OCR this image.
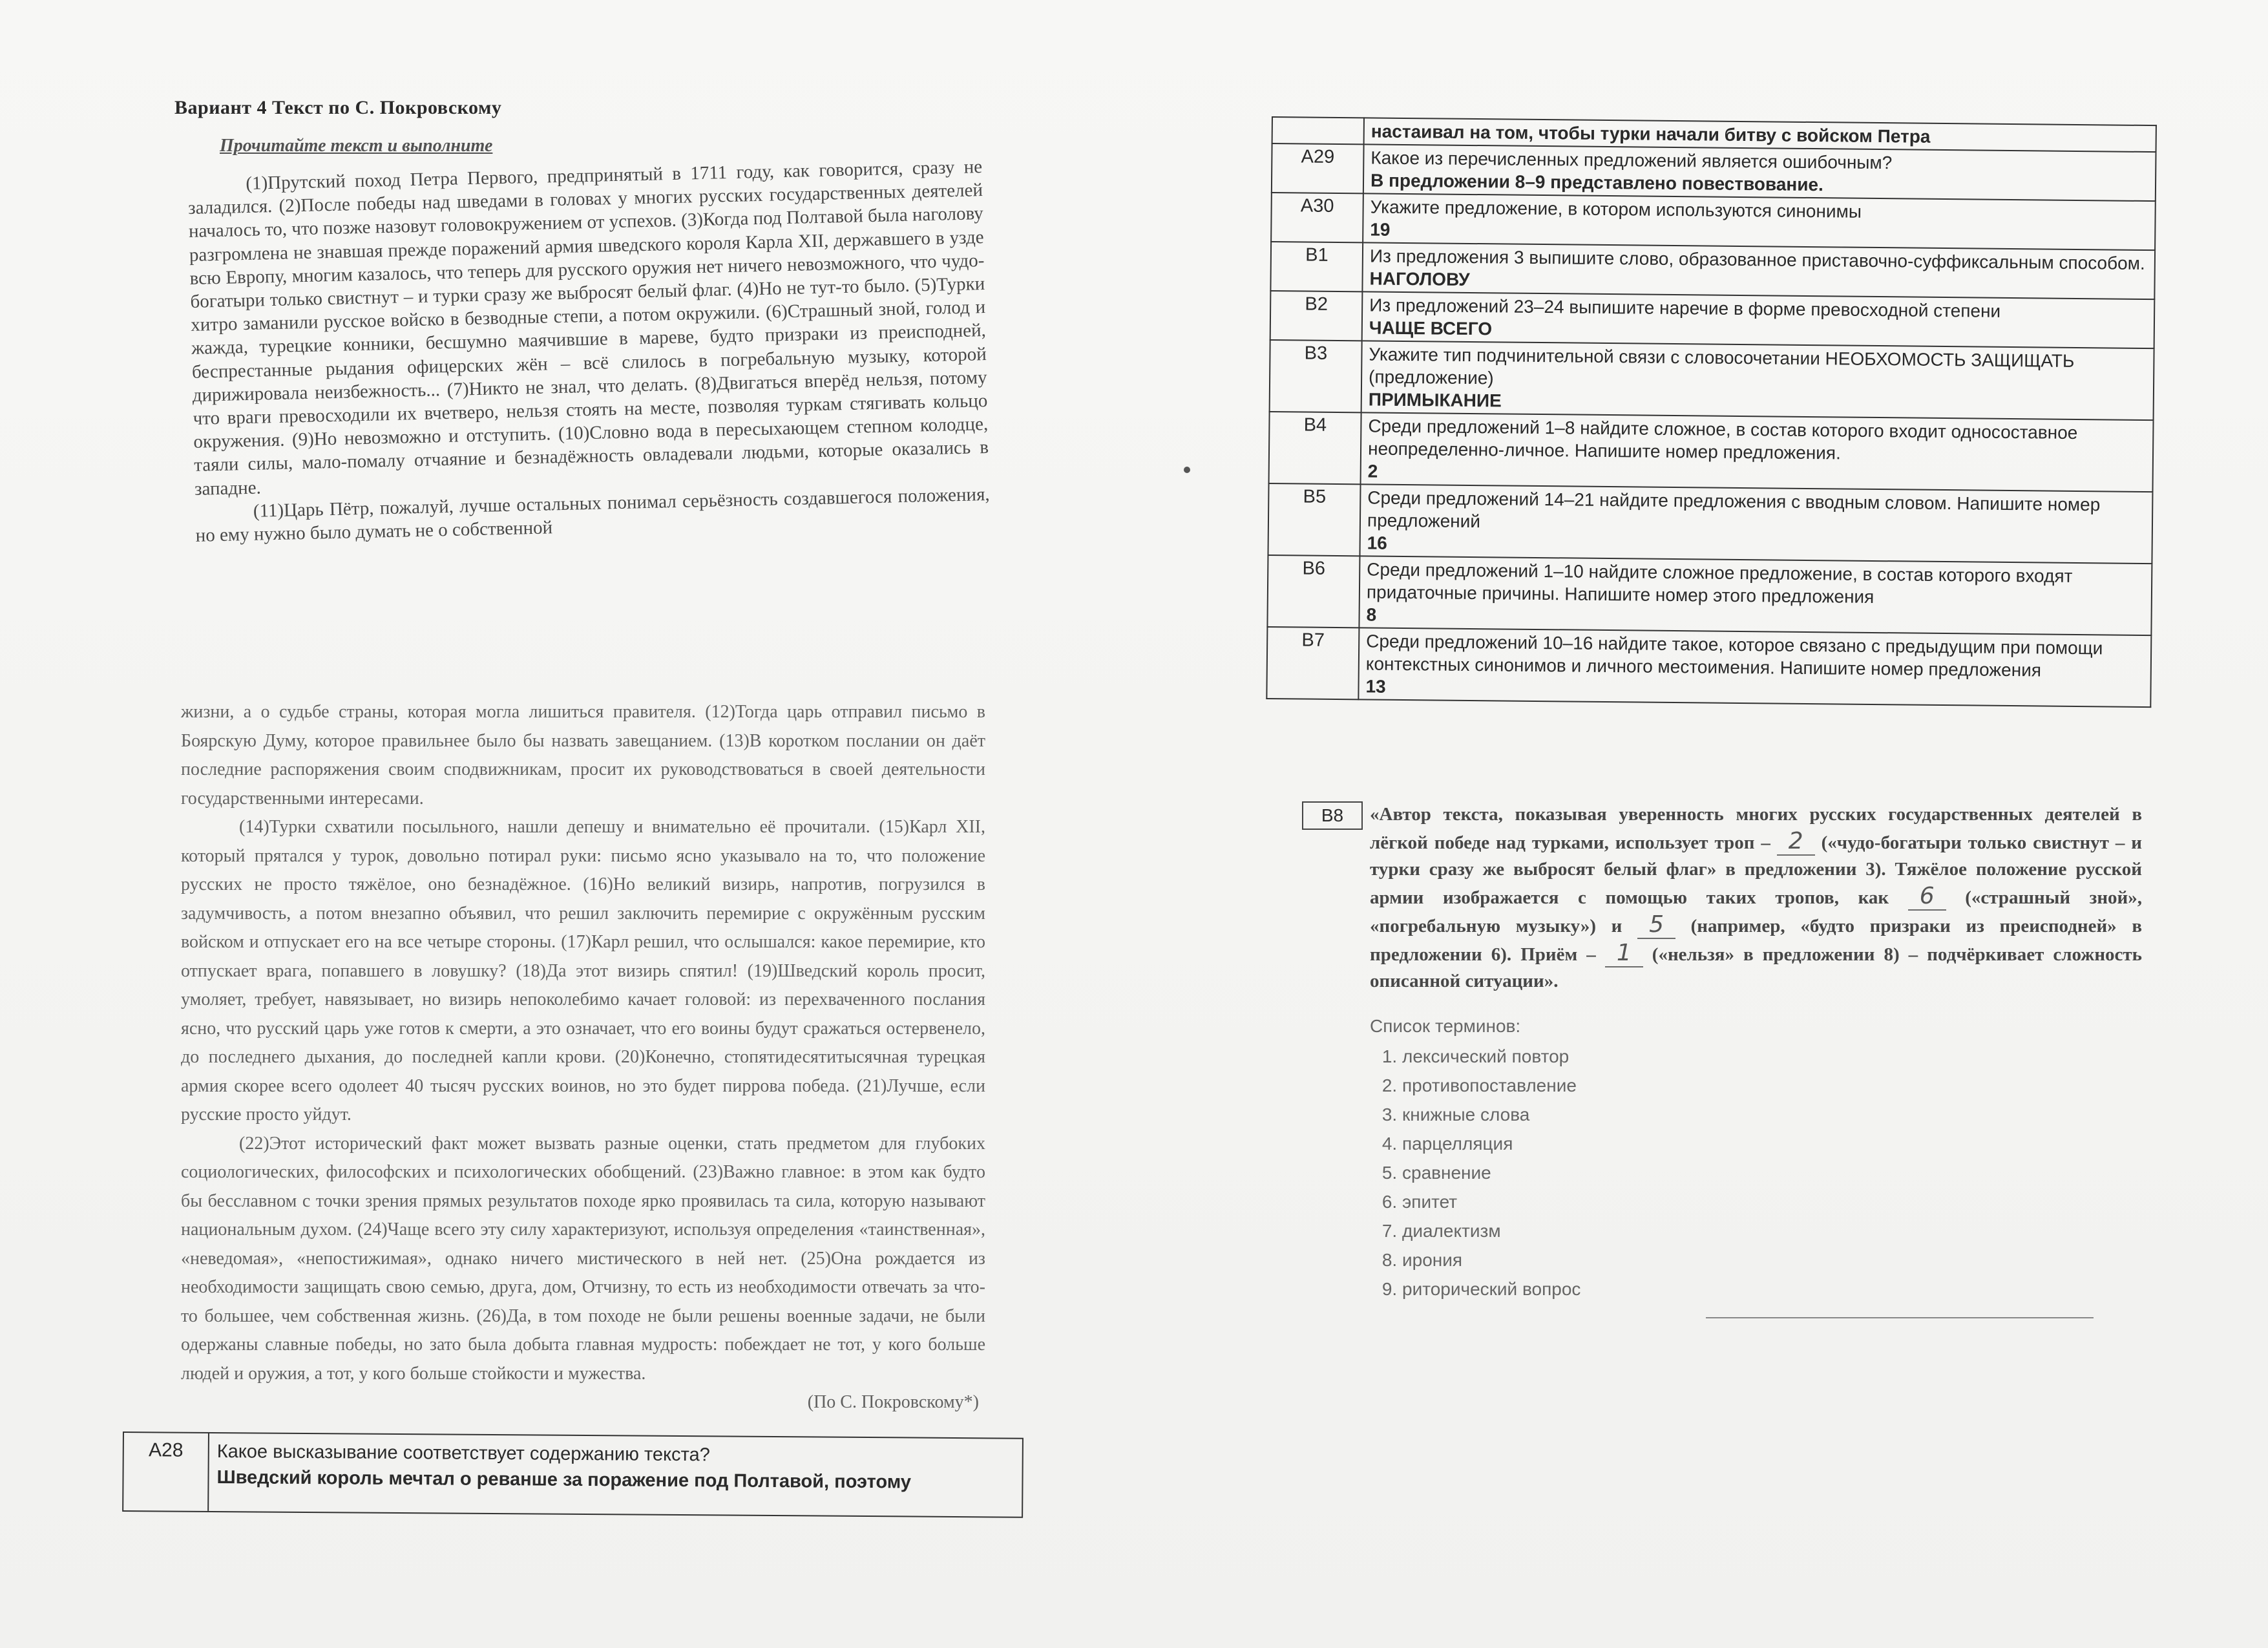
Вариант 4 Текст по С. Покровскому
Прочитайте текст и выполните

(1)Прутский поход Петра Первого, предпринятый в 1711 году, как говорится, сразу не заладился. (2)После победы над шведами в головах у многих русских государственных деятелей началось то, что позже назовут головокружением от успехов. (3)Когда под Полтавой была наголову разгромлена не знавшая прежде поражений армия шведского короля Карла XII, державшего в узде всю Европу, многим казалось, что теперь для русского оружия нет ничего невозможного, что чудо-богатыри только свистнут – и турки сразу же выбросят белый флаг. (4)Но не тут-то было. (5)Турки хитро заманили русское войско в безводные степи, а потом окружили. (6)Страшный зной, голод и жажда, турецкие конники, бесшумно маячившие в мареве, будто призраки из преисподней, беспрестанные рыдания офицерских жён – всё слилось в погребальную музыку, которой дирижировала неизбежность... (7)Никто не знал, что делать. (8)Двигаться вперёд нельзя, потому что враги превосходили их вчетверо, нельзя стоять на месте, позволяя туркам стягивать кольцо окружения. (9)Но невозможно и отступить. (10)Словно вода в пересыхающем степном колодце, таяли силы, мало-помалу отчаяние и безнадёжность овладевали людьми, которые оказались в западне.

(11)Царь Пётр, пожалуй, лучше остальных понимал серьёзность создавшегося положения, но ему нужно было думать не о собственной

жизни, а о судьбе страны, которая могла лишиться правителя. (12)Тогда царь отправил письмо в Боярскую Думу, которое правильнее было бы назвать завещанием. (13)В коротком послании он даёт последние распоряжения своим сподвижникам, просит их руководствоваться в своей деятельности государственными интересами.

(14)Турки схватили посыльного, нашли депешу и внимательно её прочитали. (15)Карл XII, который прятался у турок, довольно потирал руки: письмо ясно указывало на то, что положение русских не просто тяжёлое, оно безнадёжное. (16)Но великий визирь, напротив, погрузился в задумчивость, а потом внезапно объявил, что решил заключить перемирие с окружённым русским войском и отпускает его на все четыре стороны. (17)Карл решил, что ослышался: какое перемирие, кто отпускает врага, попавшего в ловушку? (18)Да этот визирь спятил! (19)Шведский король просит, умоляет, требует, навязывает, но визирь непоколебимо качает головой: из перехваченного послания ясно, что русский царь уже готов к смерти, а это означает, что его воины будут сражаться остервенело, до последнего дыхания, до последней капли крови. (20)Конечно, стопятидесятитысячная турецкая армия скорее всего одолеет 40 тысяч русских воинов, но это будет пиррова победа. (21)Лучше, если русские просто уйдут.

(22)Этот исторический факт может вызвать разные оценки, стать предметом для глубоких социологических, философских и психологических обобщений. (23)Важно главное: в этом как будто бы бесславном с точки зрения прямых результатов походе ярко проявилась та сила, которую называют национальным духом. (24)Чаще всего эту силу характеризуют, используя определения «таинственная», «неведомая», «непостижимая», однако ничего мистического в ней нет. (25)Она рождается из необходимости защищать свою семью, друга, дом, Отчизну, то есть из необходимости отвечать за что-то большее, чем собственная жизнь. (26)Да, в том походе не были решены военные задачи, не были одержаны славные победы, но зато была добыта главная мудрость: побеждает не тот, у кого больше людей и оружия, а тот, у кого больше стойкости и мужества.

(По С. Покровскому*)

A28	Какое высказывание соответствует содержанию текста?
Шведский король мечтал о реванше за поражение под Полтавой, поэтому
	настаивал на том, чтобы турки начали битву с войском Петра
A29	Какое из перечисленных предложений является ошибочным?
В предложении 8–9 представлено повествование.

A30	Укажите предложение, в котором используются синонимы
19

B1	Из предложения 3 выпишите слово, образованное приставочно-суффиксальным способом.
НАГОЛОВУ

B2	Из предложений 23–24 выпишите наречие в форме превосходной степени
ЧАЩЕ ВСЕГО

B3	Укажите тип подчинительной связи с словосочетании НЕОБХОМОСТЬ ЗАЩИЩАТЬ (предложение)
ПРИМЫКАНИЕ

B4	Среди предложений 1–8 найдите сложное, в состав которого входит односоставное неопределенно-личное. Напишите номер предложения.
2

B5	Среди предложений 14–21 найдите предложения с вводным словом. Напишите номер предложений
16

B6	Среди предложений 1–10 найдите сложное предложение, в состав которого входят придаточные причины. Напишите номер этого предложения
8

B7	Среди предложений 10–16 найдите такое, которое связано с предыдущим при помощи контекстных синонимов и личного местоимения. Напишите номер предложения
13
B8	«Автор текста, показывая уверенность многих русских государственных деятелей в лёгкой победе над турками, использует троп – 2 («чудо-богатыри только свистнут – и турки сразу же выбросят белый флаг» в предложении 3). Тяжёлое положение русской армии изображается с помощью таких тропов, как 6 («страшный зной», «погребальную музыку») и 5 (например, «будто призраки из преисподней» в предложении 6). Приём – 1 («нельзя» в предложении 8) – подчёркивает сложность описанной ситуации».

Список терминов:

1. лексический повтор
2. противопоставление
3. книжные слова
4. парцелляция
5. сравнение
6. эпитет
7. диалектизм
8. ирония
9. риторический вопрос
